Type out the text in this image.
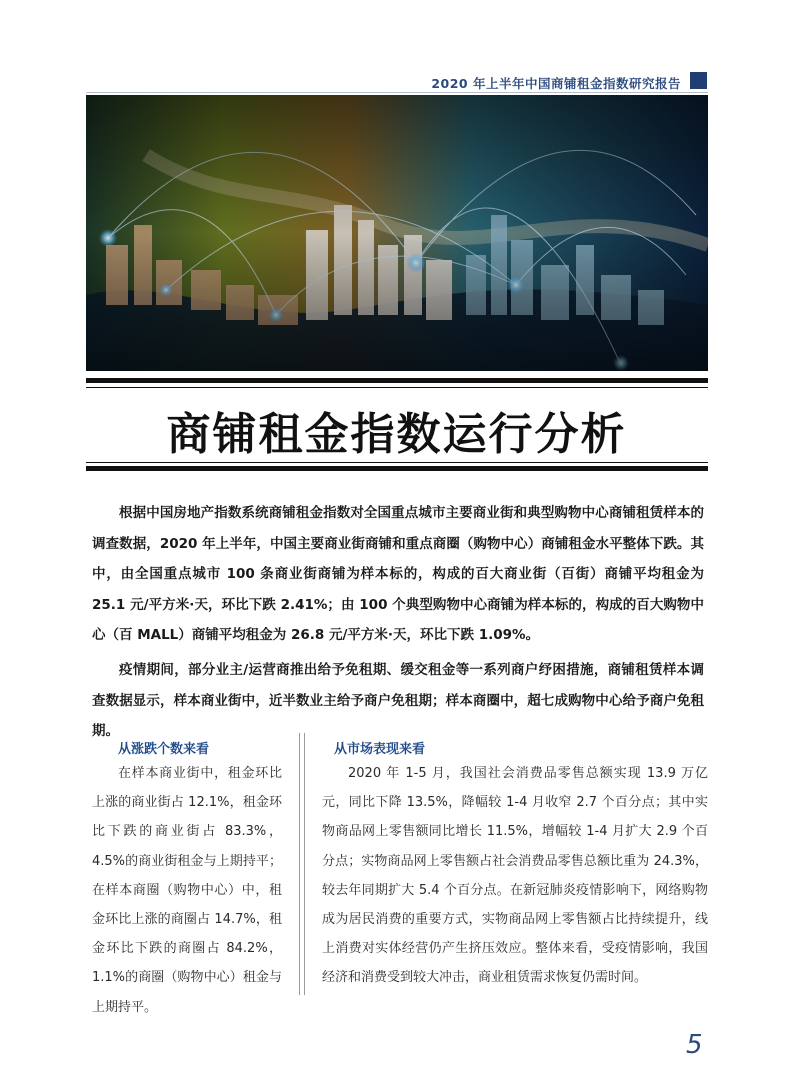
2020 年上半年中国商铺租金指数研究报告
商铺租金指数运行分析

根据中国房地产指数系统商铺租金指数对全国重点城市主要商业街和典型购物中心商铺租赁样本的调查数据，2020 年上半年，中国主要商业街商铺和重点商圈（购物中心）商铺租金水平整体下跌。其中，由全国重点城市 100 条商业街商铺为样本标的，构成的百大商业街（百街）商铺平均租金为 25.1 元/平方米·天，环比下跌 2.41%；由 100 个典型购物中心商铺为样本标的，构成的百大购物中心（百 MALL）商铺平均租金为 26.8 元/平方米·天，环比下跌 1.09%。

疫情期间，部分业主/运营商推出给予免租期、缓交租金等一系列商户纾困措施，商铺租赁样本调查数据显示，样本商业街中，近半数业主给予商户免租期；样本商圈中，超七成购物中心给予商户免租期。

从涨跌个数来看

在样本商业街中，租金环比上涨的商业街占 12.1%，租金环比下跌的商业街占 83.3%，4.5%的商业街租金与上期持平；在样本商圈（购物中心）中，租金环比上涨的商圈占 14.7%，租金环比下跌的商圈占 84.2%，1.1%的商圈（购物中心）租金与上期持平。

从市场表现来看

2020 年 1-5 月，我国社会消费品零售总额实现 13.9 万亿元，同比下降 13.5%，降幅较 1-4 月收窄 2.7 个百分点；其中实物商品网上零售额同比增长 11.5%，增幅较 1-4 月扩大 2.9 个百分点；实物商品网上零售额占社会消费品零售总额比重为 24.3%，较去年同期扩大 5.4 个百分点。在新冠肺炎疫情影响下，网络购物成为居民消费的重要方式，实物商品网上零售额占比持续提升，线上消费对实体经营仍产生挤压效应。整体来看，受疫情影响，我国经济和消费受到较大冲击，商业租赁需求恢复仍需时间。

5
